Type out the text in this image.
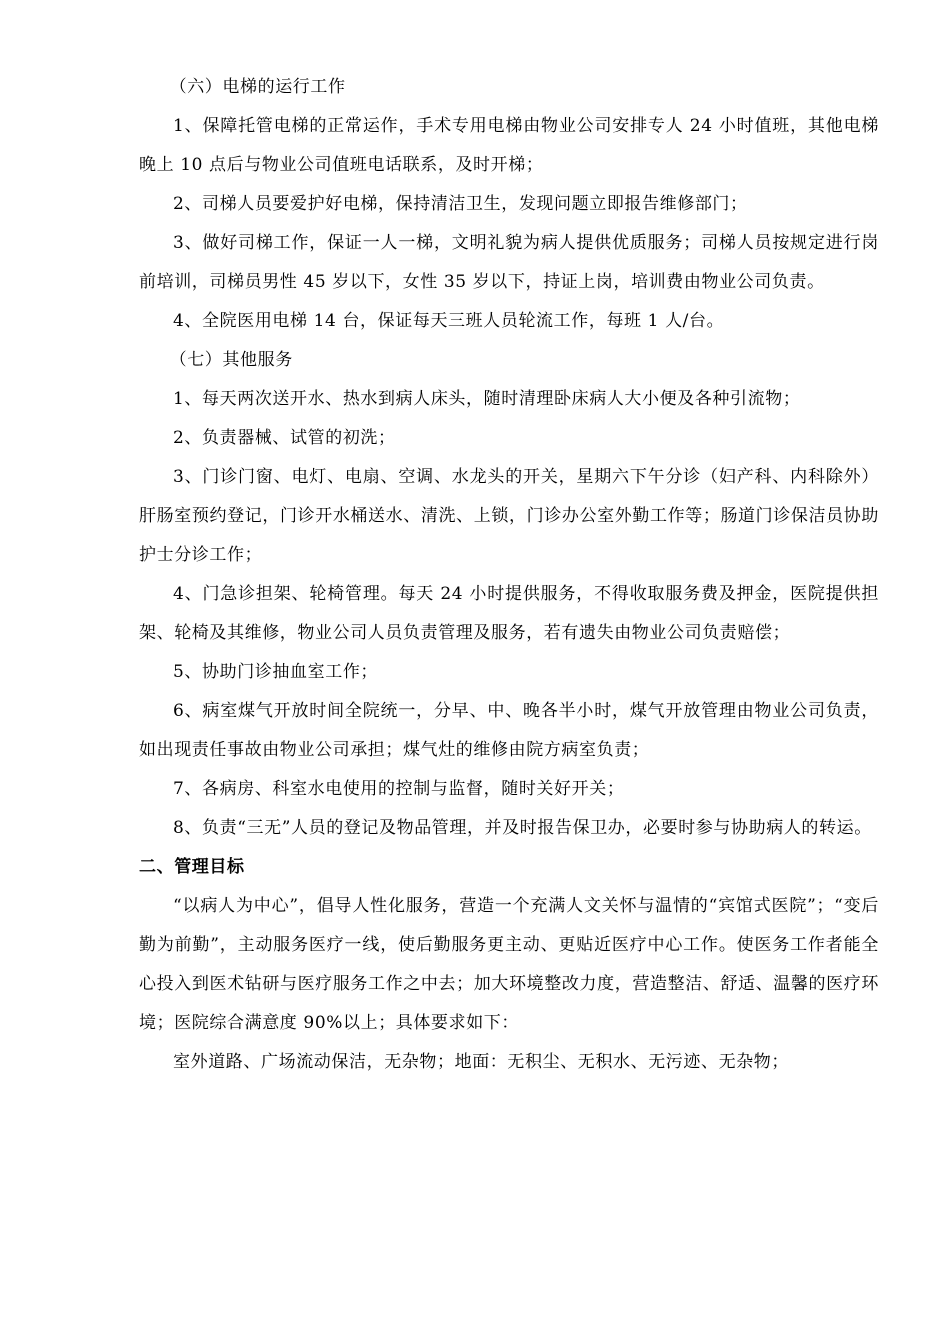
（六）电梯的运行工作

1、保障托管电梯的正常运作，手术专用电梯由物业公司安排专人 24 小时值班，其他电梯晚上 10 点后与物业公司值班电话联系，及时开梯；

2、司梯人员要爱护好电梯，保持清洁卫生，发现问题立即报告维修部门；

3、做好司梯工作，保证一人一梯，文明礼貌为病人提供优质服务；司梯人员按规定进行岗前培训，司梯员男性 45 岁以下，女性 35 岁以下，持证上岗，培训费由物业公司负责。

4、全院医用电梯 14 台，保证每天三班人员轮流工作，每班 1 人/台。

（七）其他服务

1、每天两次送开水、热水到病人床头，随时清理卧床病人大小便及各种引流物；

2、负责器械、试管的初洗；

3、门诊门窗、电灯、电扇、空调、水龙头的开关，星期六下午分诊（妇产科、内科除外）肝肠室预约登记，门诊开水桶送水、清洗、上锁，门诊办公室外勤工作等；肠道门诊保洁员协助护士分诊工作；

4、门急诊担架、轮椅管理。每天 24 小时提供服务，不得收取服务费及押金，医院提供担架、轮椅及其维修，物业公司人员负责管理及服务，若有遗失由物业公司负责赔偿；

5、协助门诊抽血室工作；

6、病室煤气开放时间全院统一，分早、中、晚各半小时，煤气开放管理由物业公司负责，如出现责任事故由物业公司承担；煤气灶的维修由院方病室负责；

7、各病房、科室水电使用的控制与监督，随时关好开关；

8、负责“三无”人员的登记及物品管理，并及时报告保卫办，必要时参与协助病人的转运。

二、管理目标

“以病人为中心”，倡导人性化服务，营造一个充满人文关怀与温情的“宾馆式医院”；“变后勤为前勤”，主动服务医疗一线，使后勤服务更主动、更贴近医疗中心工作。使医务工作者能全心投入到医术钻研与医疗服务工作之中去；加大环境整改力度，营造整洁、舒适、温馨的医疗环境；医院综合满意度 90%以上；具体要求如下：

室外道路、广场流动保洁，无杂物；地面：无积尘、无积水、无污迹、无杂物；
